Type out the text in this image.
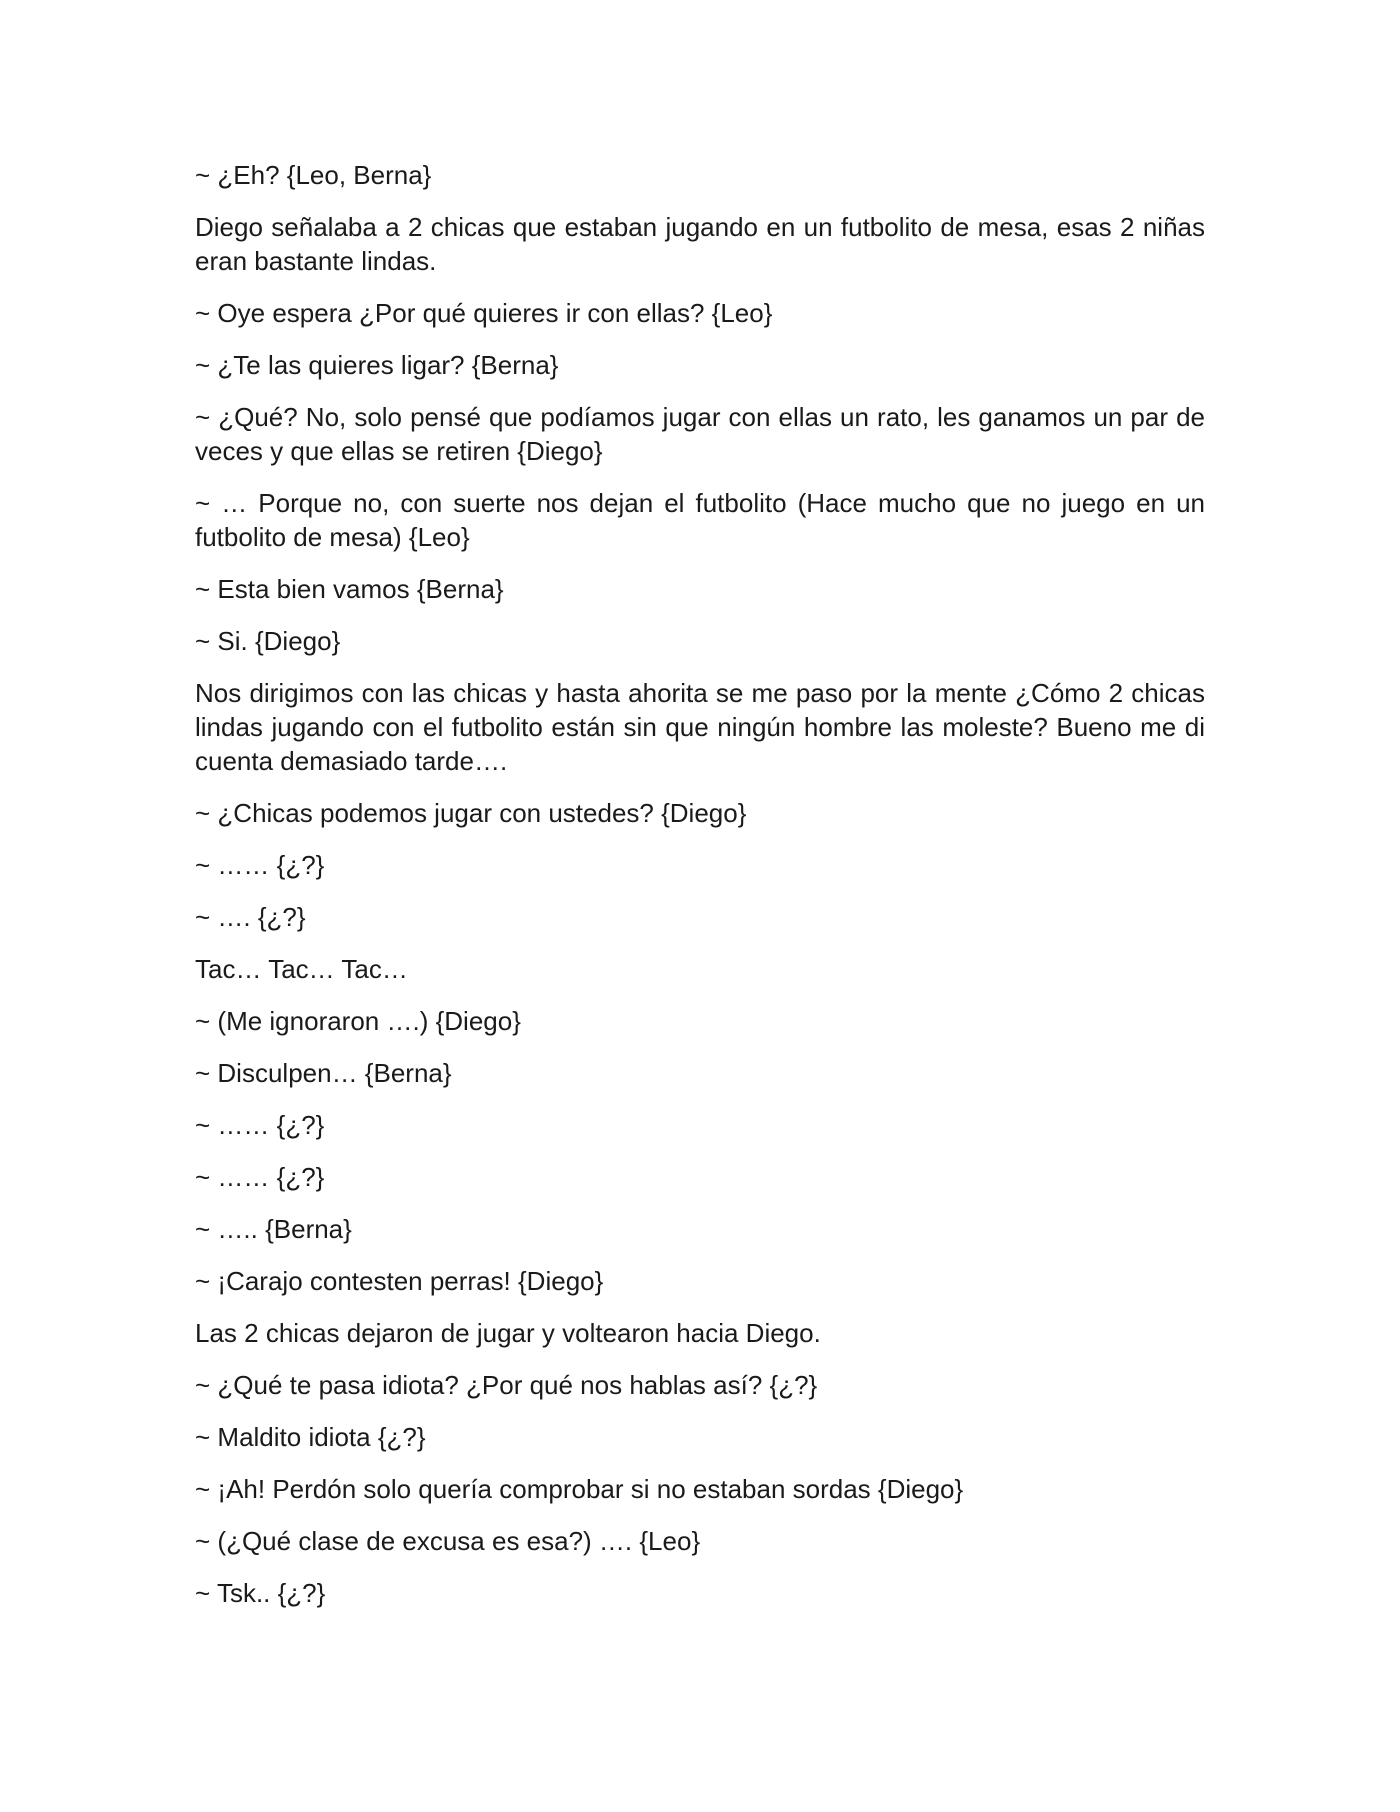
~ ¿Eh? {Leo, Berna}

Diego señalaba a 2 chicas que estaban jugando en un futbolito de mesa, esas 2 niñas eran bastante lindas.

~ Oye espera ¿Por qué quieres ir con ellas? {Leo}

~ ¿Te las quieres ligar? {Berna}

~ ¿Qué? No, solo pensé que podíamos jugar con ellas un rato, les ganamos un par de veces y que ellas se retiren {Diego}

~ … Porque no, con suerte nos dejan el futbolito (Hace mucho que no juego en un futbolito de mesa) {Leo}

~ Esta bien vamos {Berna}

~ Si. {Diego}

Nos dirigimos con las chicas y hasta ahorita se me paso por la mente ¿Cómo 2 chicas lindas jugando con el futbolito están sin que ningún hombre las moleste? Bueno me di cuenta demasiado tarde….

~ ¿Chicas podemos jugar con ustedes? {Diego}

~ …… {¿?}

~ …. {¿?}

Tac… Tac… Tac…

~ (Me ignoraron ….) {Diego}

~ Disculpen… {Berna}

~ …… {¿?}

~ …… {¿?}

~ ….. {Berna}

~ ¡Carajo contesten perras! {Diego}

Las 2 chicas dejaron de jugar y voltearon hacia Diego.

~ ¿Qué te pasa idiota? ¿Por qué nos hablas así? {¿?}

~ Maldito idiota {¿?}

~ ¡Ah! Perdón solo quería comprobar si no estaban sordas {Diego}

~ (¿Qué clase de excusa es esa?) …. {Leo}

~ Tsk.. {¿?}
